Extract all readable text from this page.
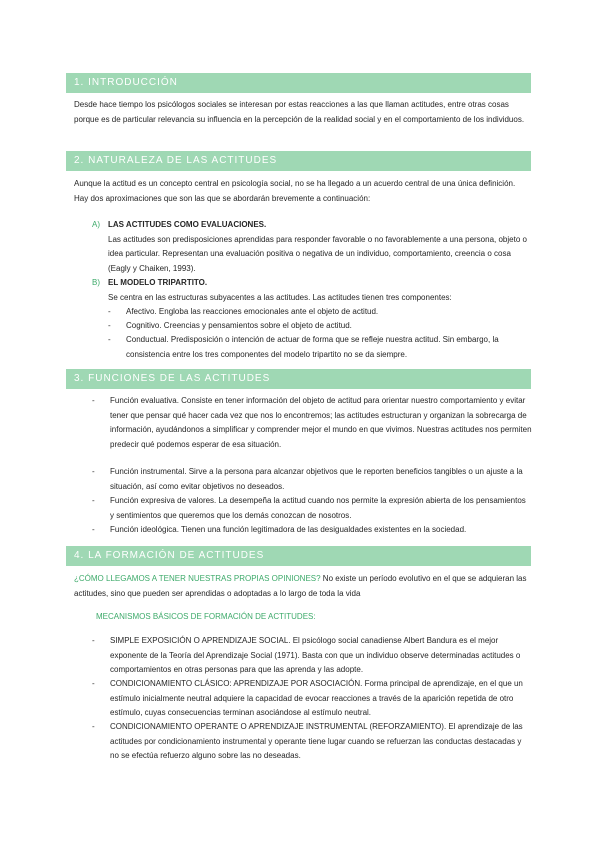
1. INTRODUCCIÓN
Desde hace tiempo los psicólogos sociales se interesan por estas reacciones a las que llaman actitudes, entre otras cosas porque es de particular relevancia su influencia en la percepción de la realidad social y en el comportamiento de los individuos.
2. NATURALEZA DE LAS ACTITUDES
Aunque la actitud es un concepto central en psicología social, no se ha llegado a un acuerdo central de una única definición. Hay dos aproximaciones que son las que se abordarán brevemente a continuación:
A) LAS ACTITUDES COMO EVALUACIONES.
Las actitudes son predisposiciones aprendidas para responder favorable o no favorablemente a una persona, objeto o idea particular. Representan una evaluación positiva o negativa de un individuo, comportamiento, creencia o cosa (Eagly y Chaiken, 1993).
B) EL MODELO TRIPARTITO.
Se centra en las estructuras subyacentes a las actitudes. Las actitudes tienen tres componentes:
- Afectivo. Engloba las reacciones emocionales ante el objeto de actitud.
- Cognitivo. Creencias y pensamientos sobre el objeto de actitud.
- Conductual. Predisposición o intención de actuar de forma que se refleje nuestra actitud. Sin embargo, la consistencia entre los tres componentes del modelo tripartito no se da siempre.
3. FUNCIONES DE LAS ACTITUDES
- Función evaluativa. Consiste en tener información del objeto de actitud para orientar nuestro comportamiento y evitar tener que pensar qué hacer cada vez que nos lo encontremos; las actitudes estructuran y organizan la sobrecarga de información, ayudándonos a simplificar y comprender mejor el mundo en que vivimos. Nuestras actitudes nos permiten predecir qué podemos esperar de esa situación.
- Función instrumental. Sirve a la persona para alcanzar objetivos que le reporten beneficios tangibles o un ajuste a la situación, así como evitar objetivos no deseados.
- Función expresiva de valores. La desempeña la actitud cuando nos permite la expresión abierta de los pensamientos y sentimientos que queremos que los demás conozcan de nosotros.
- Función ideológica. Tienen una función legitimadora de las desigualdades existentes en la sociedad.
4. LA FORMACIÓN DE ACTITUDES
¿CÓMO LLEGAMOS A TENER NUESTRAS PROPIAS OPINIONES? No existe un período evolutivo en el que se adquieran las actitudes, sino que pueden ser aprendidas o adoptadas a lo largo de toda la vida
MECANISMOS BÁSICOS DE FORMACIÓN DE ACTITUDES:
- SIMPLE EXPOSICIÓN O APRENDIZAJE SOCIAL. El psicólogo social canadiense Albert Bandura es el mejor exponente de la Teoría del Aprendizaje Social (1971). Basta con que un individuo observe determinadas actitudes o comportamientos en otras personas para que las aprenda y las adopte.
- CONDICIONAMIENTO CLÁSICO: APRENDIZAJE POR ASOCIACIÓN. Forma principal de aprendizaje, en el que un estímulo inicialmente neutral adquiere la capacidad de evocar reacciones a través de la aparición repetida de otro estímulo, cuyas consecuencias terminan asociándose al estímulo neutral.
- CONDICIONAMIENTO OPERANTE O APRENDIZAJE INSTRUMENTAL (REFORZAMIENTO). El aprendizaje de las actitudes por condicionamiento instrumental y operante tiene lugar cuando se refuerzan las conductas destacadas y no se efectúa refuerzo alguno sobre las no deseadas.
